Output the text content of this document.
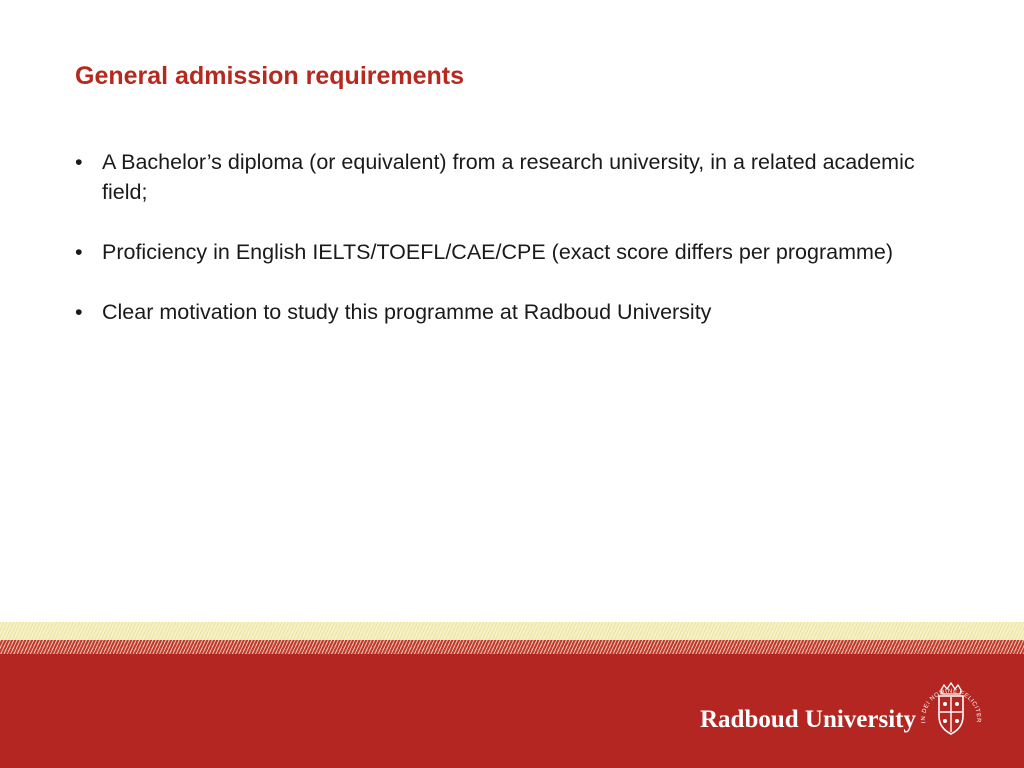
General admission requirements
• A Bachelor’s diploma (or equivalent) from a research university, in a related academic field;
• Proficiency in English IELTS/TOEFL/CAE/CPE (exact score differs per programme)
• Clear motivation to study this programme at Radboud University
Radboud University IN DEI NOMINE FELICITER
